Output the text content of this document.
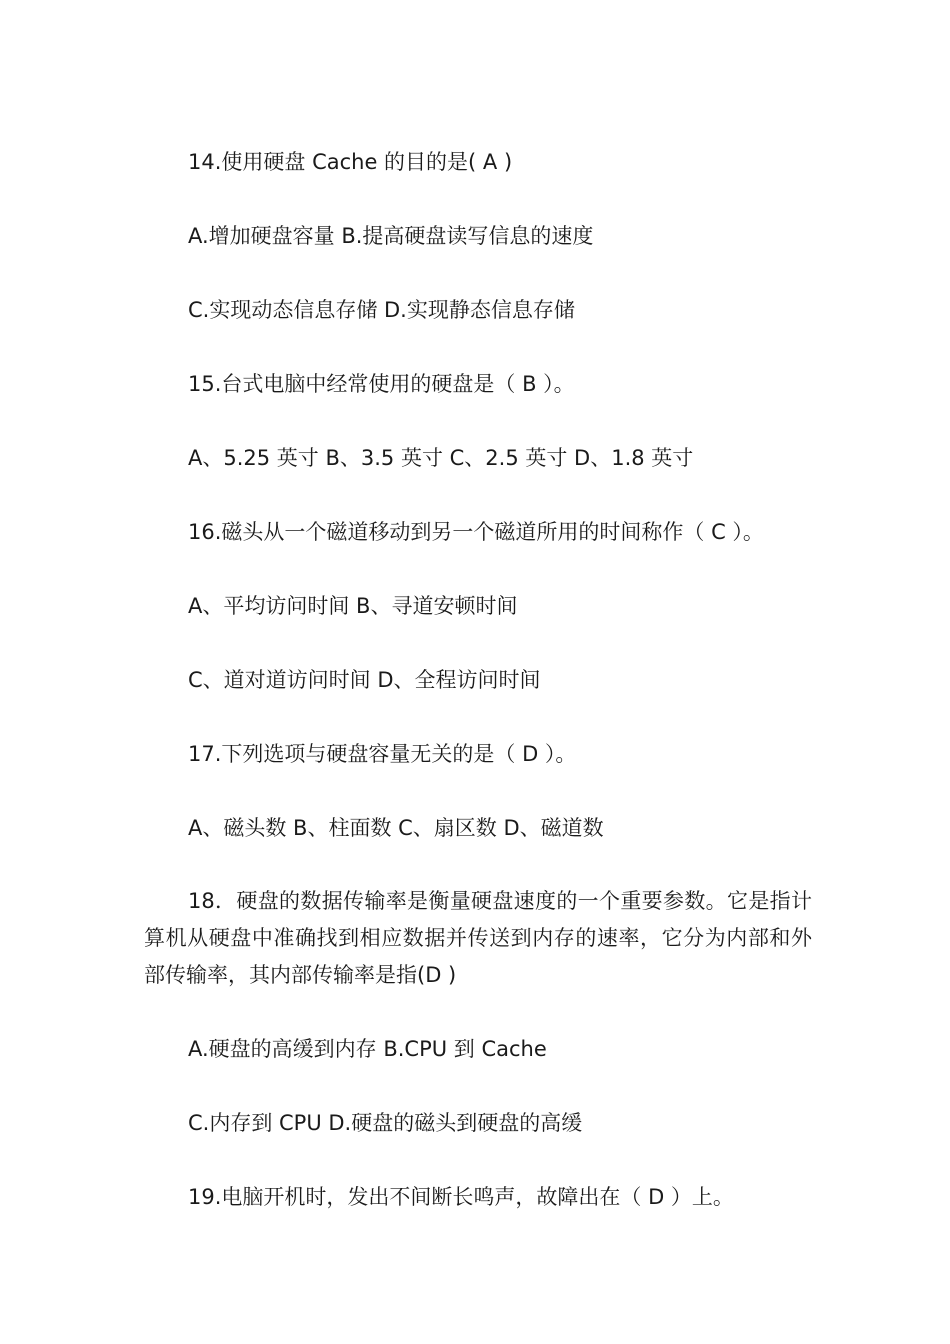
14.使用硬盘 Cache 的目的是( A )
A.增加硬盘容量 B.提高硬盘读写信息的速度
C.实现动态信息存储 D.实现静态信息存储
15.台式电脑中经常使用的硬盘是（ B ）。
A、5.25 英寸 B、3.5 英寸 C、2.5 英寸 D、1.8 英寸
16.磁头从一个磁道移动到另一个磁道所用的时间称作（ C ）。
A、平均访问时间 B、寻道安顿时间
C、道对道访问时间 D、全程访问时间
17.下列选项与硬盘容量无关的是（ D ）。
A、磁头数 B、柱面数 C、扇区数 D、磁道数

18．硬盘的数据传输率是衡量硬盘速度的一个重要参数。它是指计算机从硬盘中准确找到相应数据并传送到内存的速率，它分为内部和外部传输率，其内部传输率是指(D )

A.硬盘的高缓到内存 B.CPU 到 Cache
C.内存到 CPU D.硬盘的磁头到硬盘的高缓
19.电脑开机时，发出不间断长鸣声，故障出在（ D ）上。
